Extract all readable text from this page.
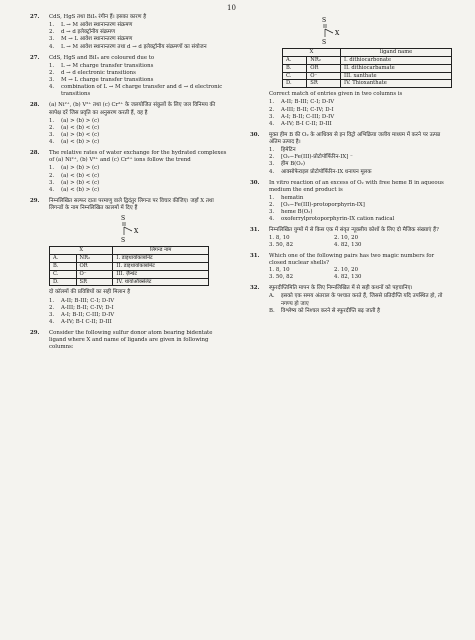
10
27. CdS, HgS तथा BiI₃ रंगीन हैं। इसका कारण है
1. L → M आवेश स्थानान्तरण संक्रमण
2. d → d इलेक्ट्रॉनीय संक्रमण
3. M → L आवेश स्थानान्तरण संक्रमण
4. L → M आवेश स्थानान्तरण तथा d → d इलेक्ट्रॉनीय संक्रमणों का संयोजन
27. CdS, HgS and BiI₃ are coloured due to
1. L → M charge transfer transitions
2. d → d electronic transitions
3. M → L charge transfer transitions
4. combination of L → M charge transfer and d → d electronic transitions
28. (a) Ni²⁺, (b) V²⁺ तथा (c) Cr²⁺ के जलयोजित संकुलों के लिए जल विनिमय की सापेक्ष दरें जिस प्रवृति का अनुसरण करती हैं, वह है
1. (a) > (b) > (c)
2. (a) < (b) < (c)
3. (a) > (b) < (c)
4. (a) < (b) > (c)
28. The relative rates of water exchange for the hydrated complexes of (a) Ni²⁺, (b) V²⁺ and (c) Cr²⁺ ions follow the trend
1. (a) > (b) > (c)
2. (a) < (b) < (c)
3. (a) > (b) < (c)
4. (a) < (b) > (c)
29. निम्नलिखित सल्फर दाता परमाणु वाले द्विदंतुर लिगन्ड पर विचार कीजिए। जहाँ X तथा लिगन्डों के नाम निम्नलिखित कालमों में दिए हैं
S
X
S
X		लिगन्ड नाम
A.	NR₂	I. डाइथायोकार्बोनेट
B.	OR	II. डाइथायोकार्बामेट
C.	O⁻	III. ज़ैन्थेट
D.	SR	IV. थायोऑक्सेलेट
दो कॉलमों की प्रविष्टियों का सही मिलान है
1. A-II; B-III; C-I; D-IV
2. A-III; B-II; C-IV; D-I
3. A-I; B-II; C-III; D-IV
4. A-IV; B-I C-II; D-III
29. Consider the following sulfur donor atom bearing bidentate ligand where X and name of ligands are given in following columns:
S
X
S
X		ligand name
A.	NR₂	I. dithiocarbonate
B.	OR	II. dithiocarbamate
C.	O⁻	III. xanthate
D.	SR	IV. Thioxanthate
Correct match of entries given in two columns is
1. A-II; B-III; C-I; D-IV
2. A-III; B-II; C-IV; D-I
3. A-I; B-II; C-III; D-IV
4. A-IV; B-I C-II; D-III
30. मुक्त हीम B की O₂ के आधिक्य से इन विट्रो अभिक्रिया जलीय माध्यम में करने पर उत्पन्न अंतिम उत्पाद है।
1. हिमेटिन
2. [O₂−Fe(III)-प्रोटोपॉर्फिरिन-IX] ⁻
3. हीम B(O₂)
4. आक्सोफेराइल प्रोटोपॉर्फिरिन-IX धनायन मूलक
30. In vitro reaction of an excess of O₂ with free heme B in aqueous medium the end product is
1. hematin
2. [O₂−Fe(III)-protoporphyrin-IX]
3. heme B(O₂)
4. oxoferrylprotoporphyrin-IX cation radical
31. निम्नलिखित युग्मों में से किस एक में संवृत न्यूक्लीय कोशों के लिए दो मैजिक संख्याएं हैं?
1. 8, 10	2. 10, 20
3. 50, 82	4. 82, 130
31. Which one of the following pairs has two magic numbers for closed nuclear shells?
1. 8, 10	2. 10, 20
3. 50, 82	4. 82, 130
32. स्फुरदीप्तिमिति मापन के लिए निम्नलिखित में से सही कथनों को पहचानिए।
A. इसको एक समय अंतराल के पश्चात करते हैं, जिससे प्रतिदीप्ति यदि उपस्थित हो, तो नगण्य हो जाए
B. विश्लेष्य को निश्चल करने से स्फुरदीप्ति बढ़ जाती है
